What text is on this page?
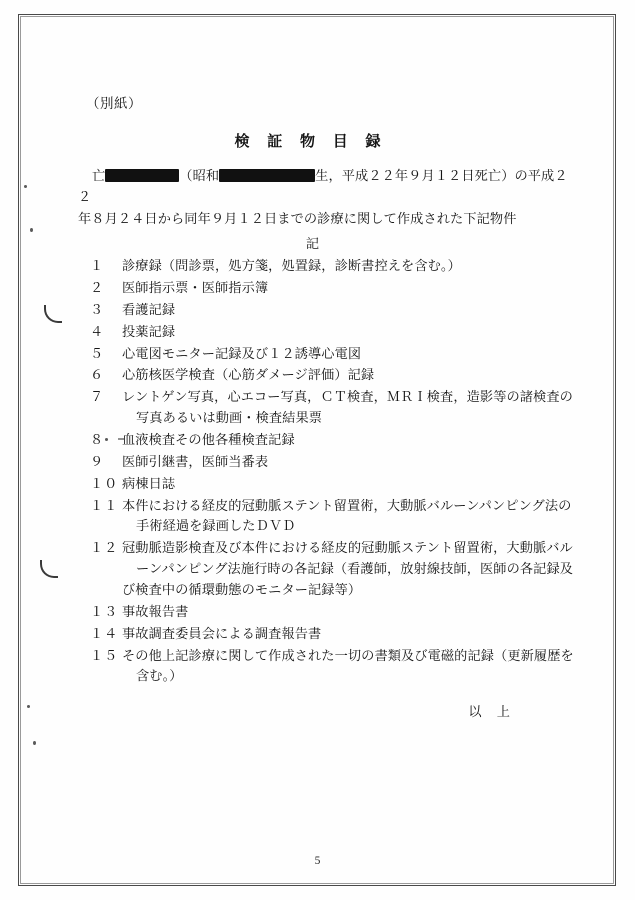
（別紙）
検 証 物 目 録

亡	（昭和	生，平成２２年９月１２日死亡）の平成２２
年８月２４日から同年９月１２日までの診療に関して作成された下記物件

記
１	診療録（問診票，処方箋，処置録，診断書控えを含む。）
２	医師指示票・医師指示簿
３	看護記録
４	投薬記録
５	心電図モニター記録及び１２誘導心電図
６	心筋核医学検査（心筋ダメージ評価）記録
７	レントゲン写真，心エコー写真，ＣＴ検査，ＭＲＩ検査，造影等の諸検査の
写真あるいは動画・検査結果票
８	血液検査その他各種検査記録
９	医師引継書，医師当番表
１０ 病棟日誌
１１ 本件における経皮的冠動脈ステント留置術，大動脈バルーンパンピング法の
手術経過を録画したＤＶＤ
１２ 冠動脈造影検査及び本件における経皮的冠動脈ステント留置術，大動脈バル
ーンパンピング法施行時の各記録（看護師，放射線技師，医師の各記録及び検査中の循環動態のモニター記録等）
１３ 事故報告書
１４ 事故調査委員会による調査報告書
１５ その他上記診療に関して作成された一切の書類及び電磁的記録（更新履歴を
含む。）
以 上
5
